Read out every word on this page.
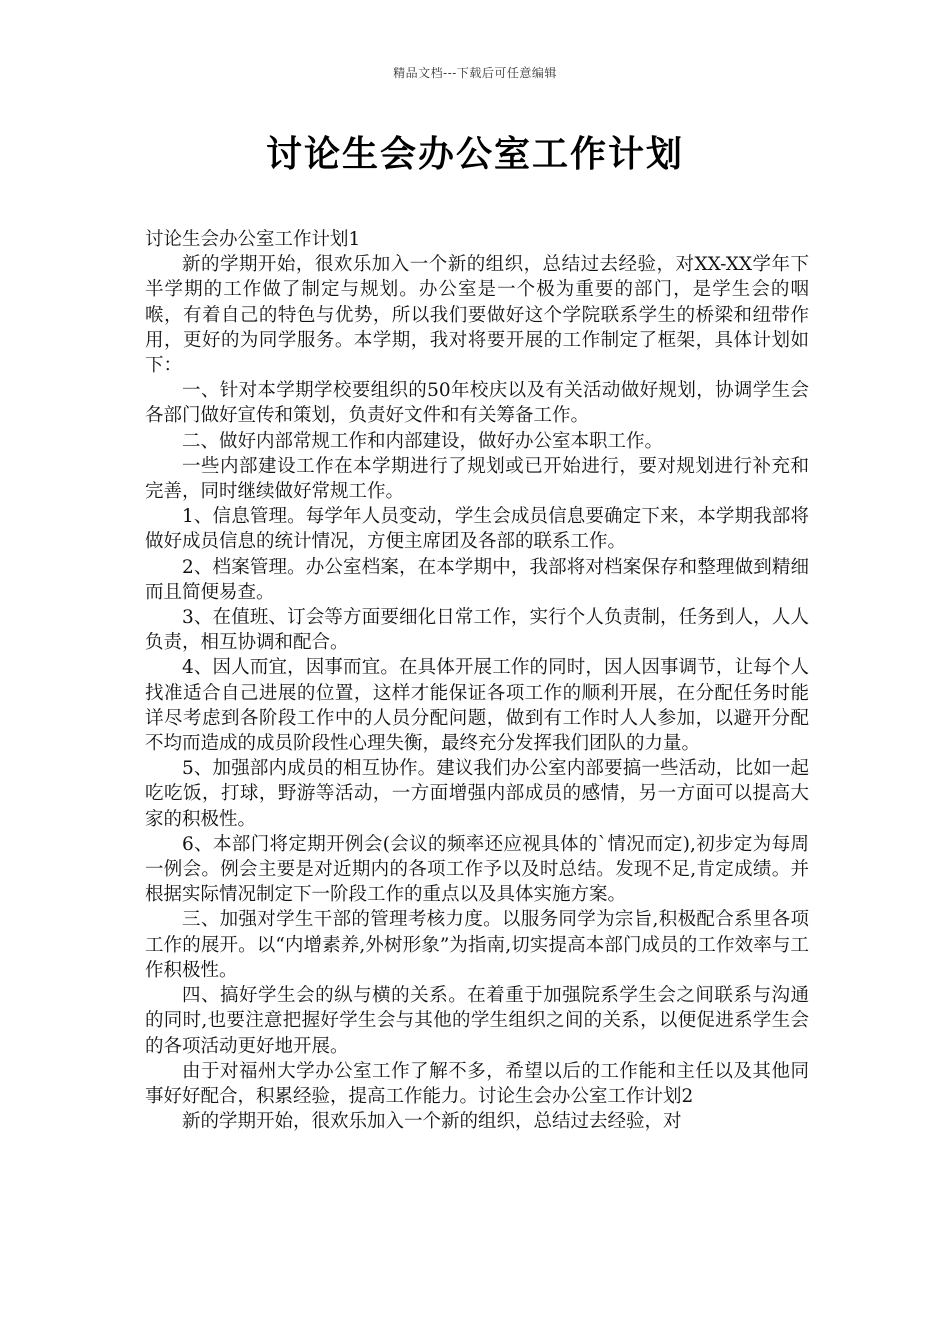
精品文档---下载后可任意编辑
讨论生会办公室工作计划

讨论生会办公室工作计划1

新的学期开始，很欢乐加入一个新的组织，总结过去经验，对XX-XX学年下半学期的工作做了制定与规划。办公室是一个极为重要的部门，是学生会的咽喉，有着自己的特色与优势，所以我们要做好这个学院联系学生的桥梁和纽带作用，更好的为同学服务。本学期，我对将要开展的工作制定了框架，具体计划如下：

一、针对本学期学校要组织的50年校庆以及有关活动做好规划，协调学生会各部门做好宣传和策划，负责好文件和有关筹备工作。

二、做好内部常规工作和内部建设，做好办公室本职工作。

一些内部建设工作在本学期进行了规划或已开始进行，要对规划进行补充和完善，同时继续做好常规工作。

1、信息管理。每学年人员变动，学生会成员信息要确定下来，本学期我部将做好成员信息的统计情况，方便主席团及各部的联系工作。

2、档案管理。办公室档案，在本学期中，我部将对档案保存和整理做到精细而且简便易查。

3、在值班、订会等方面要细化日常工作，实行个人负责制，任务到人，人人负责，相互协调和配合。

4、因人而宜，因事而宜。在具体开展工作的同时，因人因事调节，让每个人找准适合自己进展的位置，这样才能保证各项工作的顺利开展，在分配任务时能详尽考虑到各阶段工作中的人员分配问题，做到有工作时人人参加，以避开分配不均而造成的成员阶段性心理失衡，最终充分发挥我们团队的力量。

5、加强部内成员的相互协作。建议我们办公室内部要搞一些活动，比如一起吃吃饭，打球，野游等活动，一方面增强内部成员的感情，另一方面可以提高大家的积极性。

6、本部门将定期开例会(会议的频率还应视具体的`情况而定),初步定为每周一例会。例会主要是对近期内的各项工作予以及时总结。发现不足,肯定成绩。并根据实际情况制定下一阶段工作的重点以及具体实施方案。

三、加强对学生干部的管理考核力度。以服务同学为宗旨,积极配合系里各项工作的展开。以“内增素养,外树形象”为指南,切实提高本部门成员的工作效率与工作积极性。

四、搞好学生会的纵与横的关系。在着重于加强院系学生会之间联系与沟通的同时,也要注意把握好学生会与其他的学生组织之间的关系，以便促进系学生会的各项活动更好地开展。

由于对福州大学办公室工作了解不多，希望以后的工作能和主任以及其他同事好好配合，积累经验，提高工作能力。讨论生会办公室工作计划2

新的学期开始，很欢乐加入一个新的组织，总结过去经验，对
